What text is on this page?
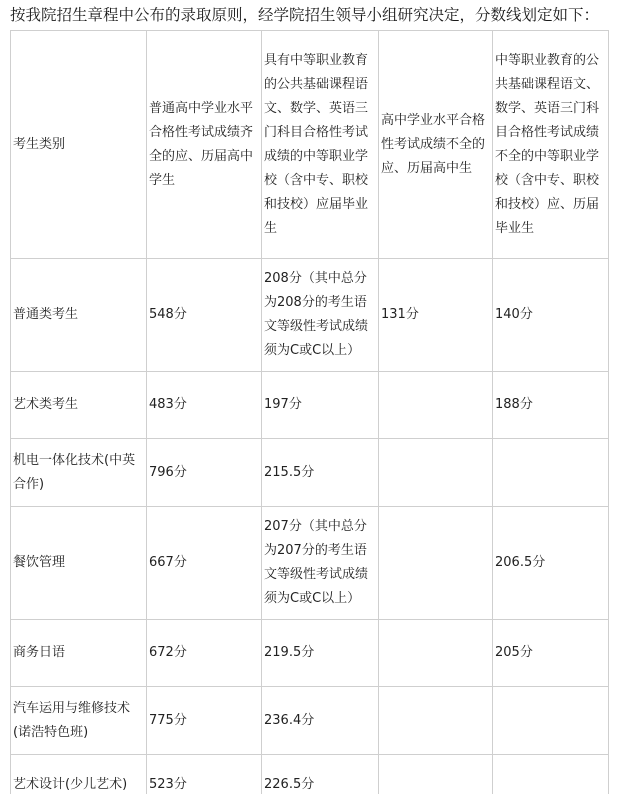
按我院招生章程中公布的录取原则，经学院招生领导小组研究决定，分数线划定如下：
考生类别	普通高中学业水平合格性考试成绩齐全的应、历届高中学生	具有中等职业教育的公共基础课程语文、数学、英语三门科目合格性考试成绩的中等职业学校（含中专、职校和技校）应届毕业生	高中学业水平合格性考试成绩不全的应、历届高中生	中等职业教育的公共基础课程语文、数学、英语三门科目合格性考试成绩不全的中等职业学校（含中专、职校和技校）应、历届毕业生
普通类考生	548分	208分（其中总分为208分的考生语文等级性考试成绩须为C或C以上）	131分	140分
艺术类考生	483分	197分		188分
机电一体化技术(中英合作)	796分	215.5分		
餐饮管理	667分	207分（其中总分为207分的考生语文等级性考试成绩须为C或C以上）		206.5分
商务日语	672分	219.5分		205分
汽车运用与维修技术(诺浩特色班)	775分	236.4分		
艺术设计(少儿艺术)	523分	226.5分		
